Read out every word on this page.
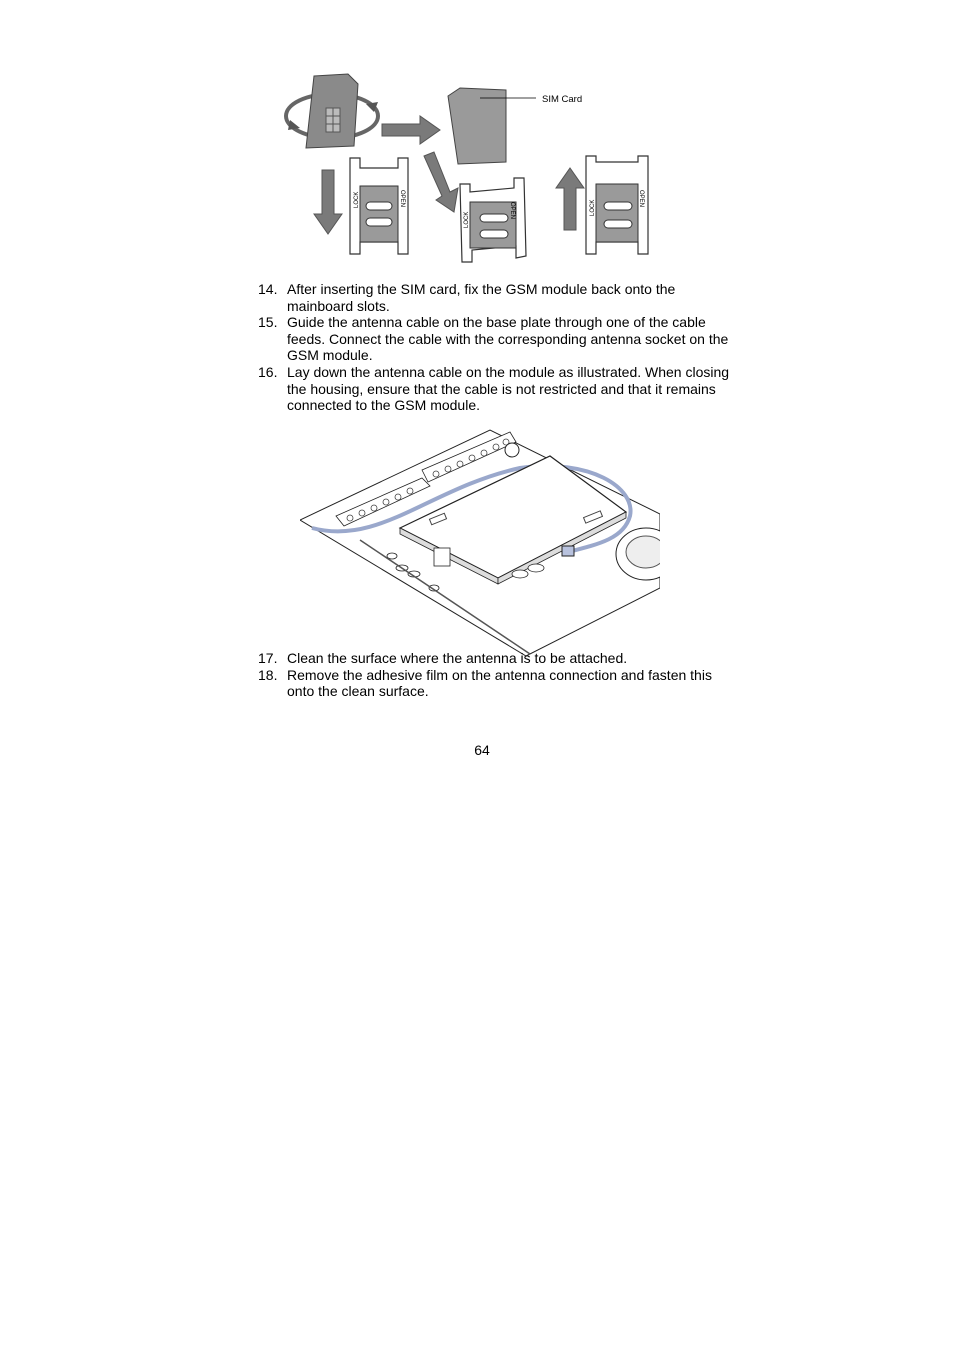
SIM Card
LOCK	OPEN
LOCK
OPEN	LOCK
OPEN
14. After inserting the SIM card, fix the GSM module back onto the mainboard slots.
15. Guide the antenna cable on the base plate through one of the cable feeds. Connect the cable with the corresponding antenna socket on the GSM module.
16. Lay down the antenna cable on the module as illustrated. When closing the housing, ensure that the cable is not restricted and that it remains connected to the GSM module.
17. Clean the surface where the antenna is to be attached.
18. Remove the adhesive film on the antenna connection and fasten this onto the clean surface.
64
